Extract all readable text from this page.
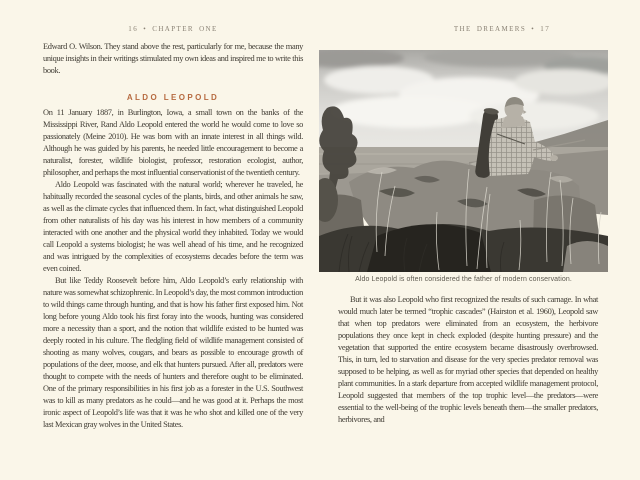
16 • CHAPTER ONE

Edward O. Wilson. They stand above the rest, particularly for me, because the many unique insights in their writings stimulated my own ideas and inspired me to write this book.

ALDO LEOPOLD

On 11 January 1887, in Burlington, Iowa, a small town on the banks of the Mississippi River, Rand Aldo Leopold entered the world he would come to love so passionately (Meine 2010). He was born with an innate interest in all things wild. Although he was guided by his parents, he needed little encouragement to become a naturalist, forester, wildlife biologist, professor, restoration ecologist, author, philosopher, and perhaps the most influential conservationist of the twentieth century.

Aldo Leopold was fascinated with the natural world; wherever he traveled, he habitually recorded the seasonal cycles of the plants, birds, and other animals he saw, as well as the climate cycles that influenced them. In fact, what distinguished Leopold from other naturalists of his day was his interest in how members of a community interacted with one another and the physical world they inhabited. Today we would call Leopold a systems biologist; he was well ahead of his time, and he recognized and was intrigued by the complexities of ecosystems decades before the term was even coined.

But like Teddy Roosevelt before him, Aldo Leopold’s early relationship with nature was somewhat schizophrenic. In Leopold’s day, the most common introduction to wild things came through hunting, and that is how his father first exposed him. Not long before young Aldo took his first foray into the woods, hunting was considered more a necessity than a sport, and the notion that wildlife existed to be hunted was deeply rooted in his culture. The fledgling field of wildlife management consisted of shooting as many wolves, cougars, and bears as possible to encourage growth of populations of the deer, moose, and elk that hunters pursued. After all, predators were thought to compete with the needs of hunters and therefore ought to be eliminated. One of the primary responsibilities in his first job as a forester in the U.S. Southwest was to kill as many predators as he could—and he was good at it. Perhaps the most ironic aspect of Leopold’s life was that it was he who shot and killed one of the very last Mexican gray wolves in the United States.

THE DREAMERS • 17
Aldo Leopold is often considered the father of modern conservation.

But it was also Leopold who first recognized the results of such carnage. In what would much later be termed “trophic cascades” (Hairston et al. 1960), Leopold saw that when top predators were eliminated from an ecosystem, the herbivore populations they once kept in check exploded (despite hunting pressure) and the vegetation that supported the entire ecosystem became disastrously overbrowsed. This, in turn, led to starvation and disease for the very species predator removal was supposed to be helping, as well as for myriad other species that depended on healthy plant communities. In a stark departure from accepted wildlife management protocol, Leopold suggested that members of the top trophic level—the predators—were essential to the well-being of the trophic levels beneath them—the smaller predators, herbivores, and
